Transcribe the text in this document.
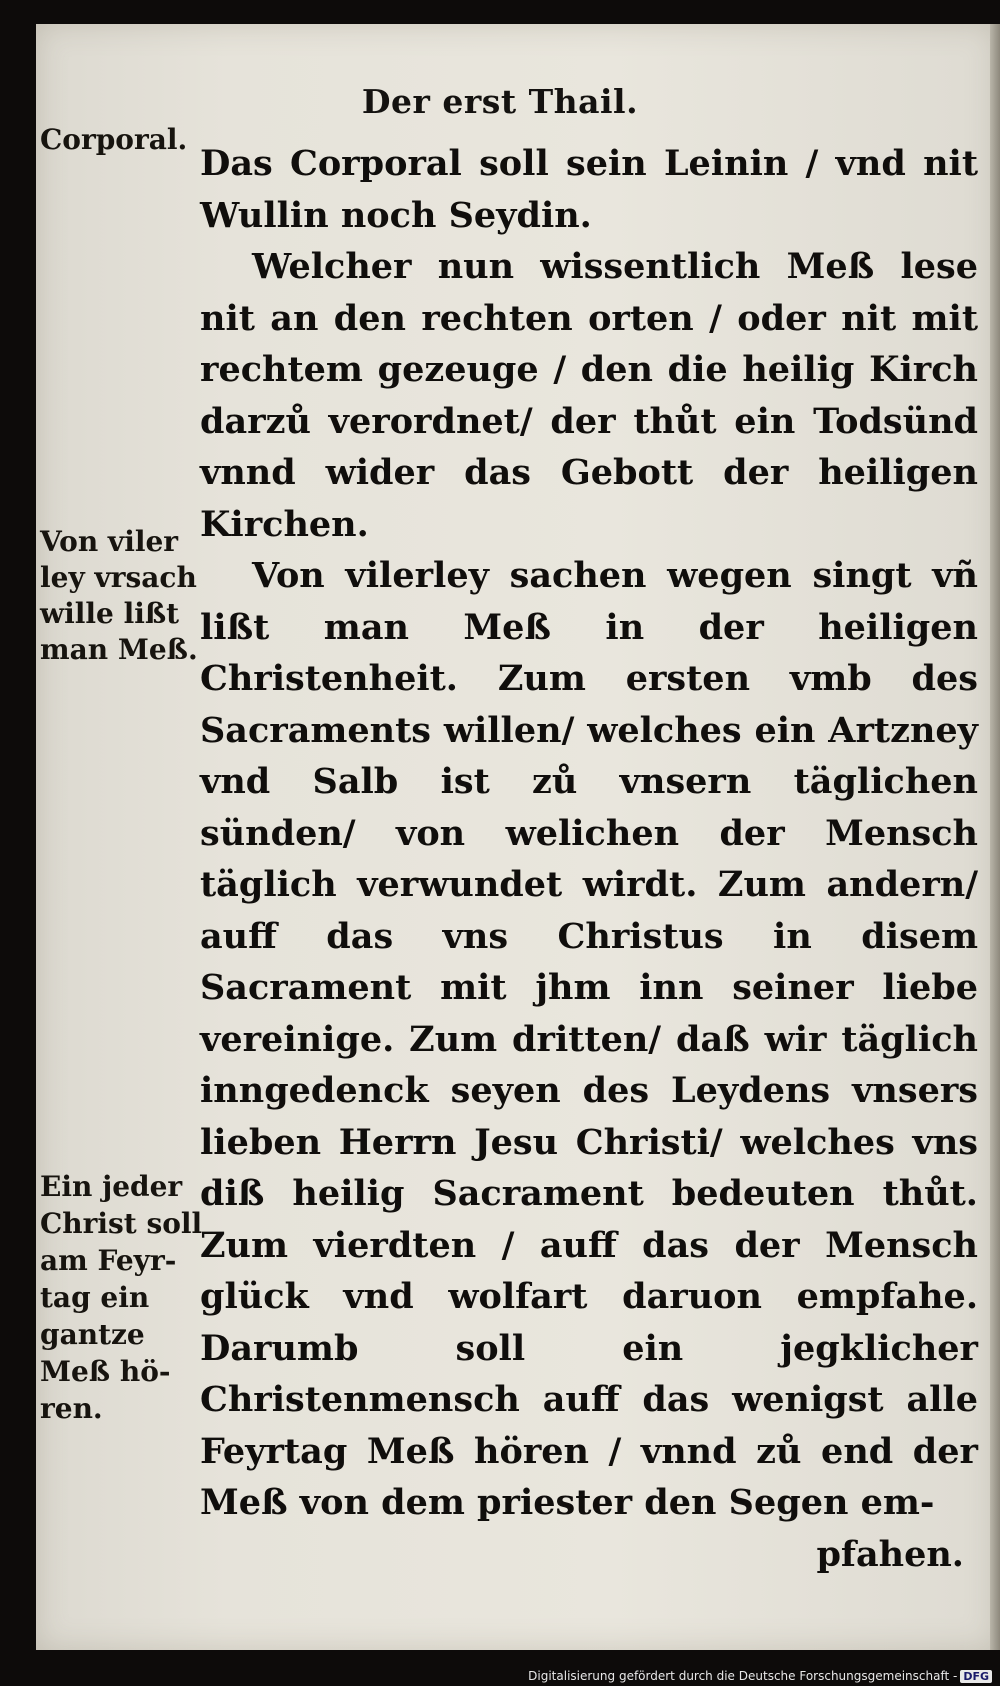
Der erst Thail.
Corporal.
Von viler
ley vrsach
wille lißt
man Meß.
Ein jeder
Christ soll
am Feyr-
tag ein
gantze
Meß hö-
ren.

Das Corporal soll sein Leinin / vnd nit Wullin noch Seydin.

Welcher nun wissentlich Meß lese nit an den rechten orten / oder nit mit rechtem gezeuge / den die heilig Kirch darzů verordnet/ der thůt ein Todsünd vnnd wider das Gebott der heiligen Kirchen.

Von vilerley sachen wegen singt vñ lißt man Meß in der heiligen Christenheit. Zum ersten vmb des Sacraments willen/ welches ein Artzney vnd Salb ist zů vnsern täglichen sünden/ von welichen der Mensch täglich verwundet wirdt. Zum andern/ auff das vns Christus in disem Sacrament mit jhm inn seiner liebe vereinige. Zum dritten/ daß wir täglich inngedenck seyen des Leydens vnsers lieben Herrn Jesu Christi/ welches vns diß heilig Sacrament bedeuten thůt. Zum vierdten / auff das der Mensch glück vnd wolfart daruon empfahe. Darumb soll ein jegklicher Christenmensch auff das wenigst alle Feyrtag Meß hören / vnnd zů end der Meß von dem priester den Segen em-

pfahen.

Digitalisierung gefördert durch die Deutsche Forschungsgemeinschaft - DFG
